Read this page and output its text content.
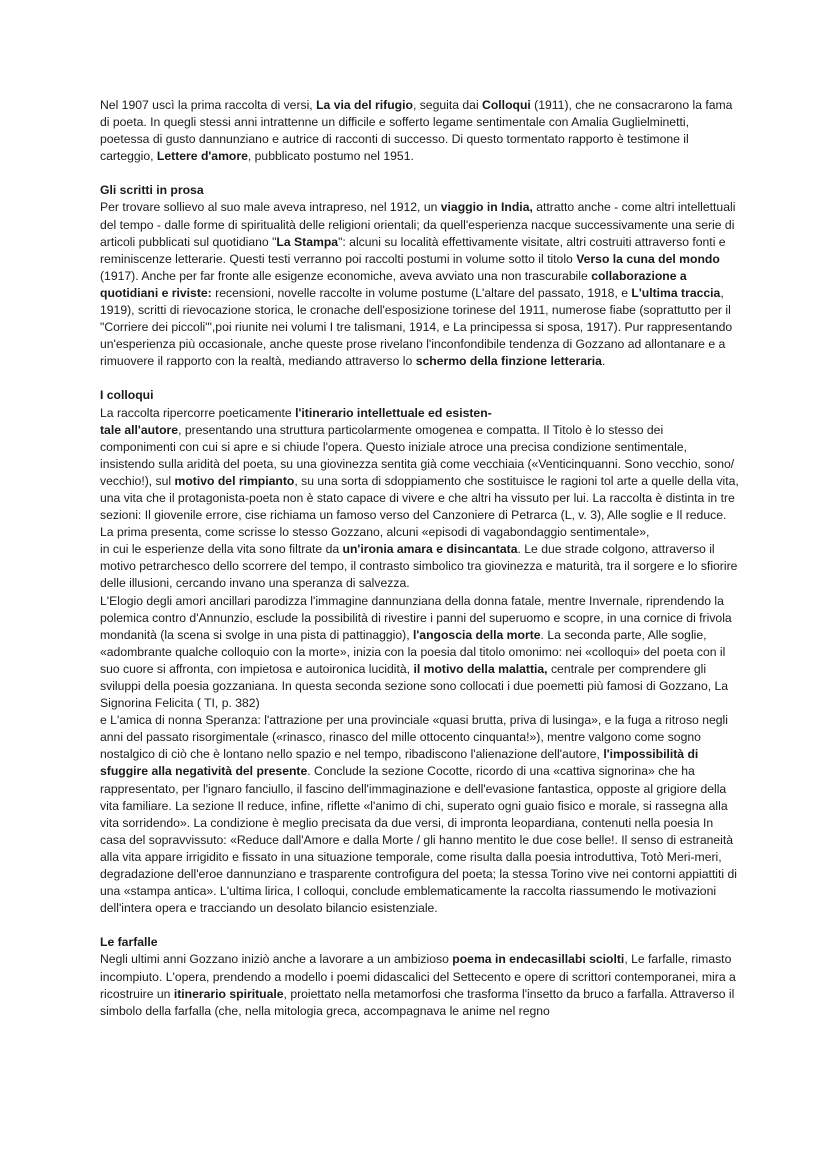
Nel 1907 uscì la prima raccolta di versi, La via del rifugio, seguita dai Colloqui (1911), che ne consacrarono la fama di poeta. In quegli stessi anni intrattenne un difficile e sofferto legame sentimentale con Amalia Guglielminetti, poetessa di gusto dannunziano e autrice di racconti di successo. Di questo tormentato rapporto è testimone il carteggio, Lettere d'amore, pubblicato postumo nel 1951.

Gli scritti in prosa

Per trovare sollievo al suo male aveva intrapreso, nel 1912, un viaggio in India, attratto anche - come altri intellettuali del tempo - dalle forme di spiritualità delle religioni orientali; da quell'esperienza nacque successivamente una serie di articoli pubblicati sul quotidiano "La Stampa": alcuni su località effettivamente visitate, altri costruiti attraverso fonti e reminiscenze letterarie. Questi testi verranno poi raccolti postumi in volume sotto il titolo Verso la cuna del mondo (1917). Anche per far fronte alle esigenze economiche, aveva avviato una non trascurabile collaborazione a quotidiani e riviste: recensioni, novelle raccolte in volume postume (L'altare del passato, 1918, e L'ultima traccia, 1919), scritti di rievocazione storica, le cronache dell'esposizione torinese del 1911, numerose fiabe (soprattutto per il "Corriere dei piccoli"',poi riunite nei volumi I tre talismani, 1914, e La principessa si sposa, 1917). Pur rappresentando un'esperienza più occasionale, anche queste prose rivelano l'inconfondibile tendenza di Gozzano ad allontanare e a rimuovere il rapporto con la realtà, mediando attraverso lo schermo della finzione letteraria.

I colloqui

La raccolta ripercorre poeticamente l'itinerario intellettuale ed esisten-

tale all'autore, presentando una struttura particolarmente omogenea e compatta. Il Titolo è lo stesso dei componimenti con cui si apre e si chiude l'opera. Questo iniziale atroce una precisa condizione sentimentale, insistendo sulla aridità del poeta, su una giovinezza sentita già come vecchiaia («Venticinquanni. Sono vecchio, sono/ vecchio!), sul motivo del rimpianto, su una sorta di sdoppiamento che sostituisce le ragioni tol arte a quelle della vita, una vita che il protagonista-poeta non è stato capace di vivere e che altri ha vissuto per lui. La raccolta è distinta in tre sezioni: Il giovenile errore, cise richiama un famoso verso del Canzoniere di Petrarca (L, v. 3), Alle soglie e Il reduce. La prima presenta, come scrisse lo stesso Gozzano, alcuni «episodi di vagabondaggio sentimentale»,

in cui le esperienze della vita sono filtrate da un'ironia amara e disincantata. Le due strade colgono, attraverso il motivo petrarchesco dello scorrere del tempo, il contrasto simbolico tra giovinezza e maturità, tra il sorgere e lo sfiorire delle illusioni, cercando invano una speranza di salvezza.

L'Elogio degli amori ancillari parodizza l'immagine dannunziana della donna fatale, mentre Invernale, riprendendo la polemica contro d'Annunzio, esclude la possibilità di rivestire i panni del superuomo e scopre, in una cornice di frivola mondanità (la scena si svolge in una pista di pattinaggio), l'angoscia della morte. La seconda parte, Alle soglie, «adombrante qualche colloquio con la morte», inizia con la poesia dal titolo omonimo: nei «colloqui» del poeta con il suo cuore si affronta, con impietosa e autoironica lucidità, il motivo della malattia, centrale per comprendere gli sviluppi della poesia gozzaniana. In questa seconda sezione sono collocati i due poemetti più famosi di Gozzano, La Signorina Felicita ( TI, p. 382)

e L'amica di nonna Speranza: l'attrazione per una provinciale «quasi brutta, priva di lusinga», e la fuga a ritroso negli anni del passato risorgimentale («rinasco, rinasco del mille ottocento cinquanta!»), mentre valgono come sogno nostalgico di ciò che è lontano nello spazio e nel tempo, ribadiscono l'alienazione dell'autore, l'impossibilità di sfuggire alla negatività del presente. Conclude la sezione Cocotte, ricordo di una «cattiva signorina» che ha rappresentato, per l'ignaro fanciullo, il fascino dell'immaginazione e dell'evasione fantastica, opposte al grigiore della vita familiare. La sezione Il reduce, infine, riflette «l'animo di chi, superato ogni guaio fisico e morale, si rassegna alla vita sorridendo». La condizione è meglio precisata da due versi, di impronta leopardiana, contenuti nella poesia In casa del sopravvissuto: «Reduce dall'Amore e dalla Morte / gli hanno mentito le due cose belle!. Il senso di estraneità alla vita appare irrigidito e fissato in una situazione temporale, come risulta dalla poesia introduttiva, Totò Meri-meri, degradazione dell'eroe dannunziano e trasparente controfigura del poeta; la stessa Torino vive nei contorni appiattiti di una «stampa antica». L'ultima lirica, I colloqui, conclude emblematicamente la raccolta riassumendo le motivazioni dell'intera opera e tracciando un desolato bilancio esistenziale.

Le farfalle

Negli ultimi anni Gozzano iniziò anche a lavorare a un ambizioso poema in endecasillabi sciolti, Le farfalle, rimasto incompiuto. L'opera, prendendo a modello i poemi didascalici del Settecento e opere di scrittori contemporanei, mira a ricostruire un itinerario spirituale, proiettato nella metamorfosi che trasforma l'insetto da bruco a farfalla. Attraverso il simbolo della farfalla (che, nella mitologia greca, accompagnava le anime nel regno
